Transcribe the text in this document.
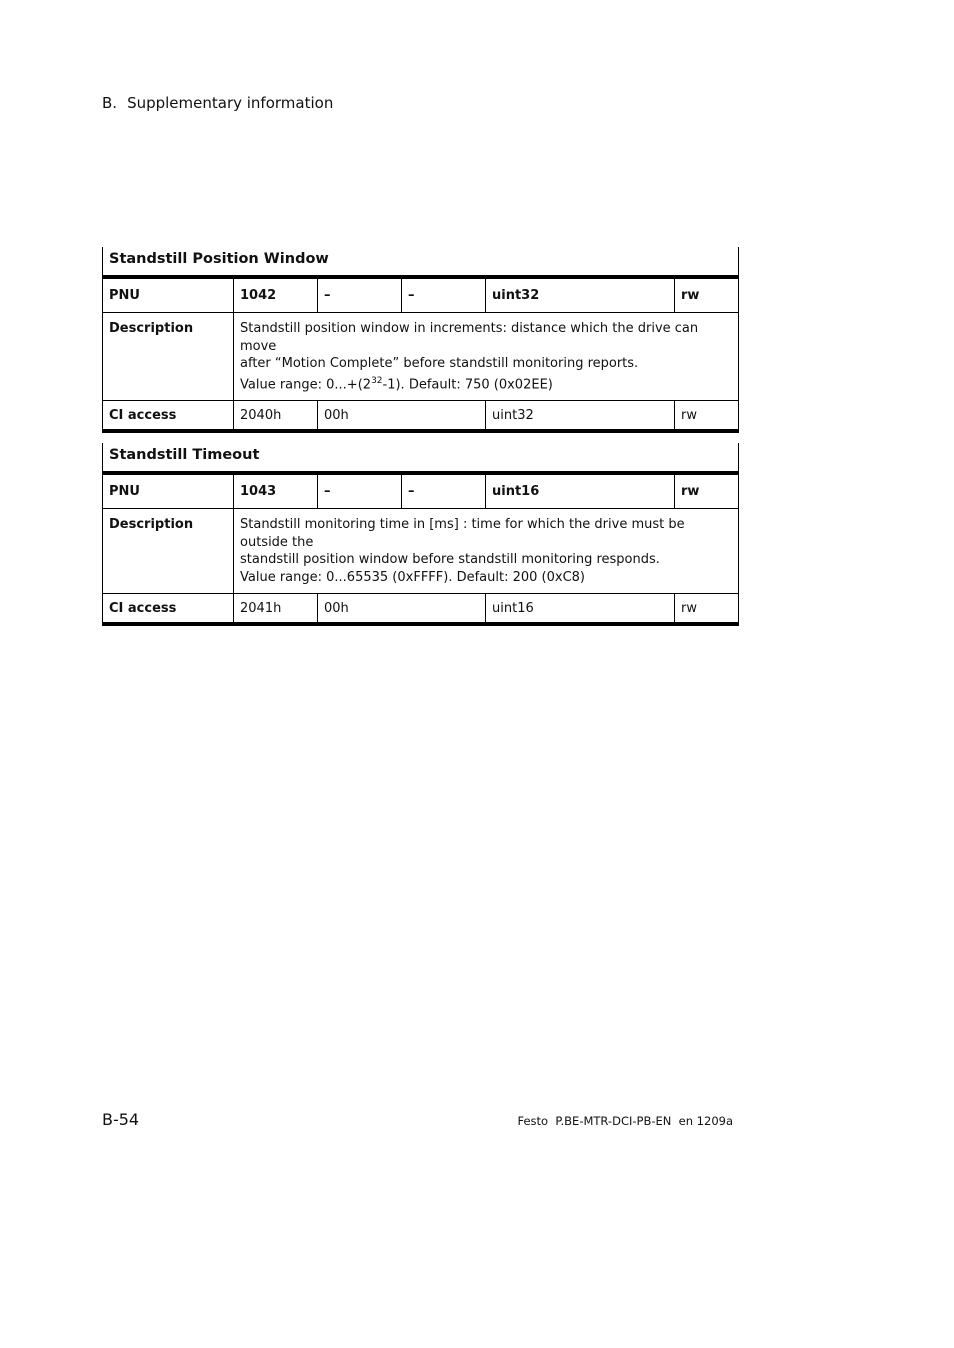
B. Supplementary information
Standstill Position Window
PNU	1042	–	–	uint32	rw
Description	Standstill position window in increments: distance which the drive can move
after “Motion Complete” before standstill monitoring reports.
Value range: $0...+(2^{32}-1)$. Default: 750 (0x02EE)
CI access	2040h	00h	uint32	rw
Standstill Timeout
PNU	1043	–	–	uint16	rw
Description	Standstill monitoring time in [ms] : time for which the drive must be outside the
standstill position window before standstill monitoring responds.
Value range: 0...65535 (0xFFFF). Default: 200 (0xC8)
CI access	2041h	00h	uint16	rw
B-54	Festo  P.BE-MTR-DCI-PB-EN  en 1209a
